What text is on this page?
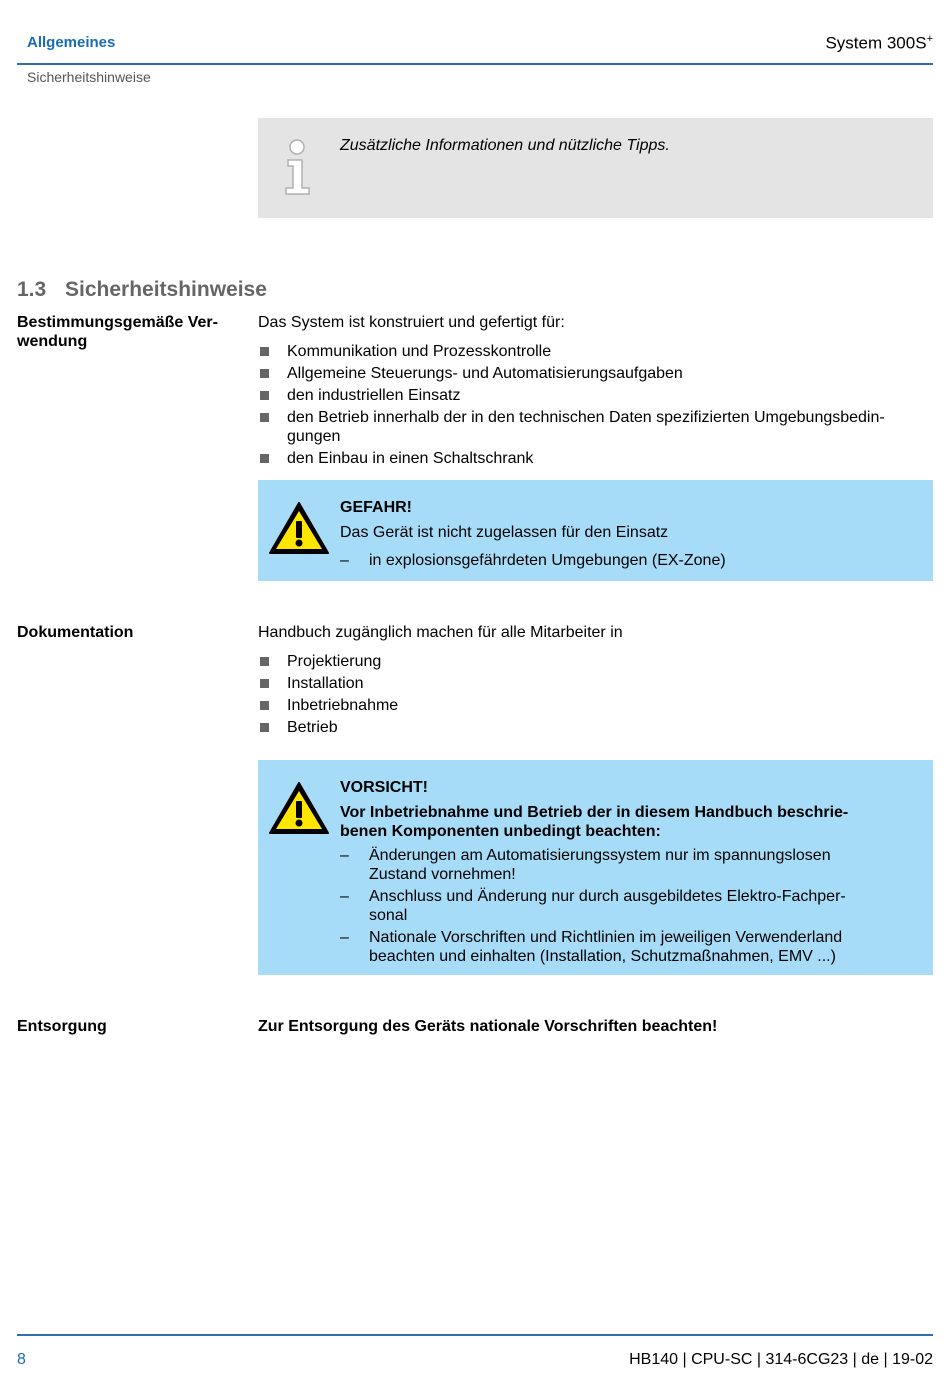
Allgemeines	System 300S+
Sicherheitshinweise
Zusätzliche Informationen und nützliche Tipps.
1.3 Sicherheitshinweise
Bestimmungsgemäße Ver-
wendung
Das System ist konstruiert und gefertigt für:
Kommunikation und Prozesskontrolle
Allgemeine Steuerungs- und Automatisierungsaufgaben
den industriellen Einsatz
den Betrieb innerhalb der in den technischen Daten spezifizierten Umgebungsbedin-
gungen
den Einbau in einen Schaltschrank
GEFAHR!
Das Gerät ist nicht zugelassen für den Einsatz
– in explosionsgefährdeten Umgebungen (EX-Zone)
Dokumentation	Handbuch zugänglich machen für alle Mitarbeiter in
Projektierung
Installation
Inbetriebnahme
Betrieb
VORSICHT!
Vor Inbetriebnahme und Betrieb der in diesem Handbuch beschrie-
benen Komponenten unbedingt beachten:
– Änderungen am Automatisierungssystem nur im spannungslosen
Zustand vornehmen!
– Anschluss und Änderung nur durch ausgebildetes Elektro-Fachper-
sonal
– Nationale Vorschriften und Richtlinien im jeweiligen Verwenderland
beachten und einhalten (Installation, Schutzmaßnahmen, EMV ...)
Entsorgung	Zur Entsorgung des Geräts nationale Vorschriften beachten!
8	HB140 | CPU-SC | 314-6CG23 | de | 19-02
